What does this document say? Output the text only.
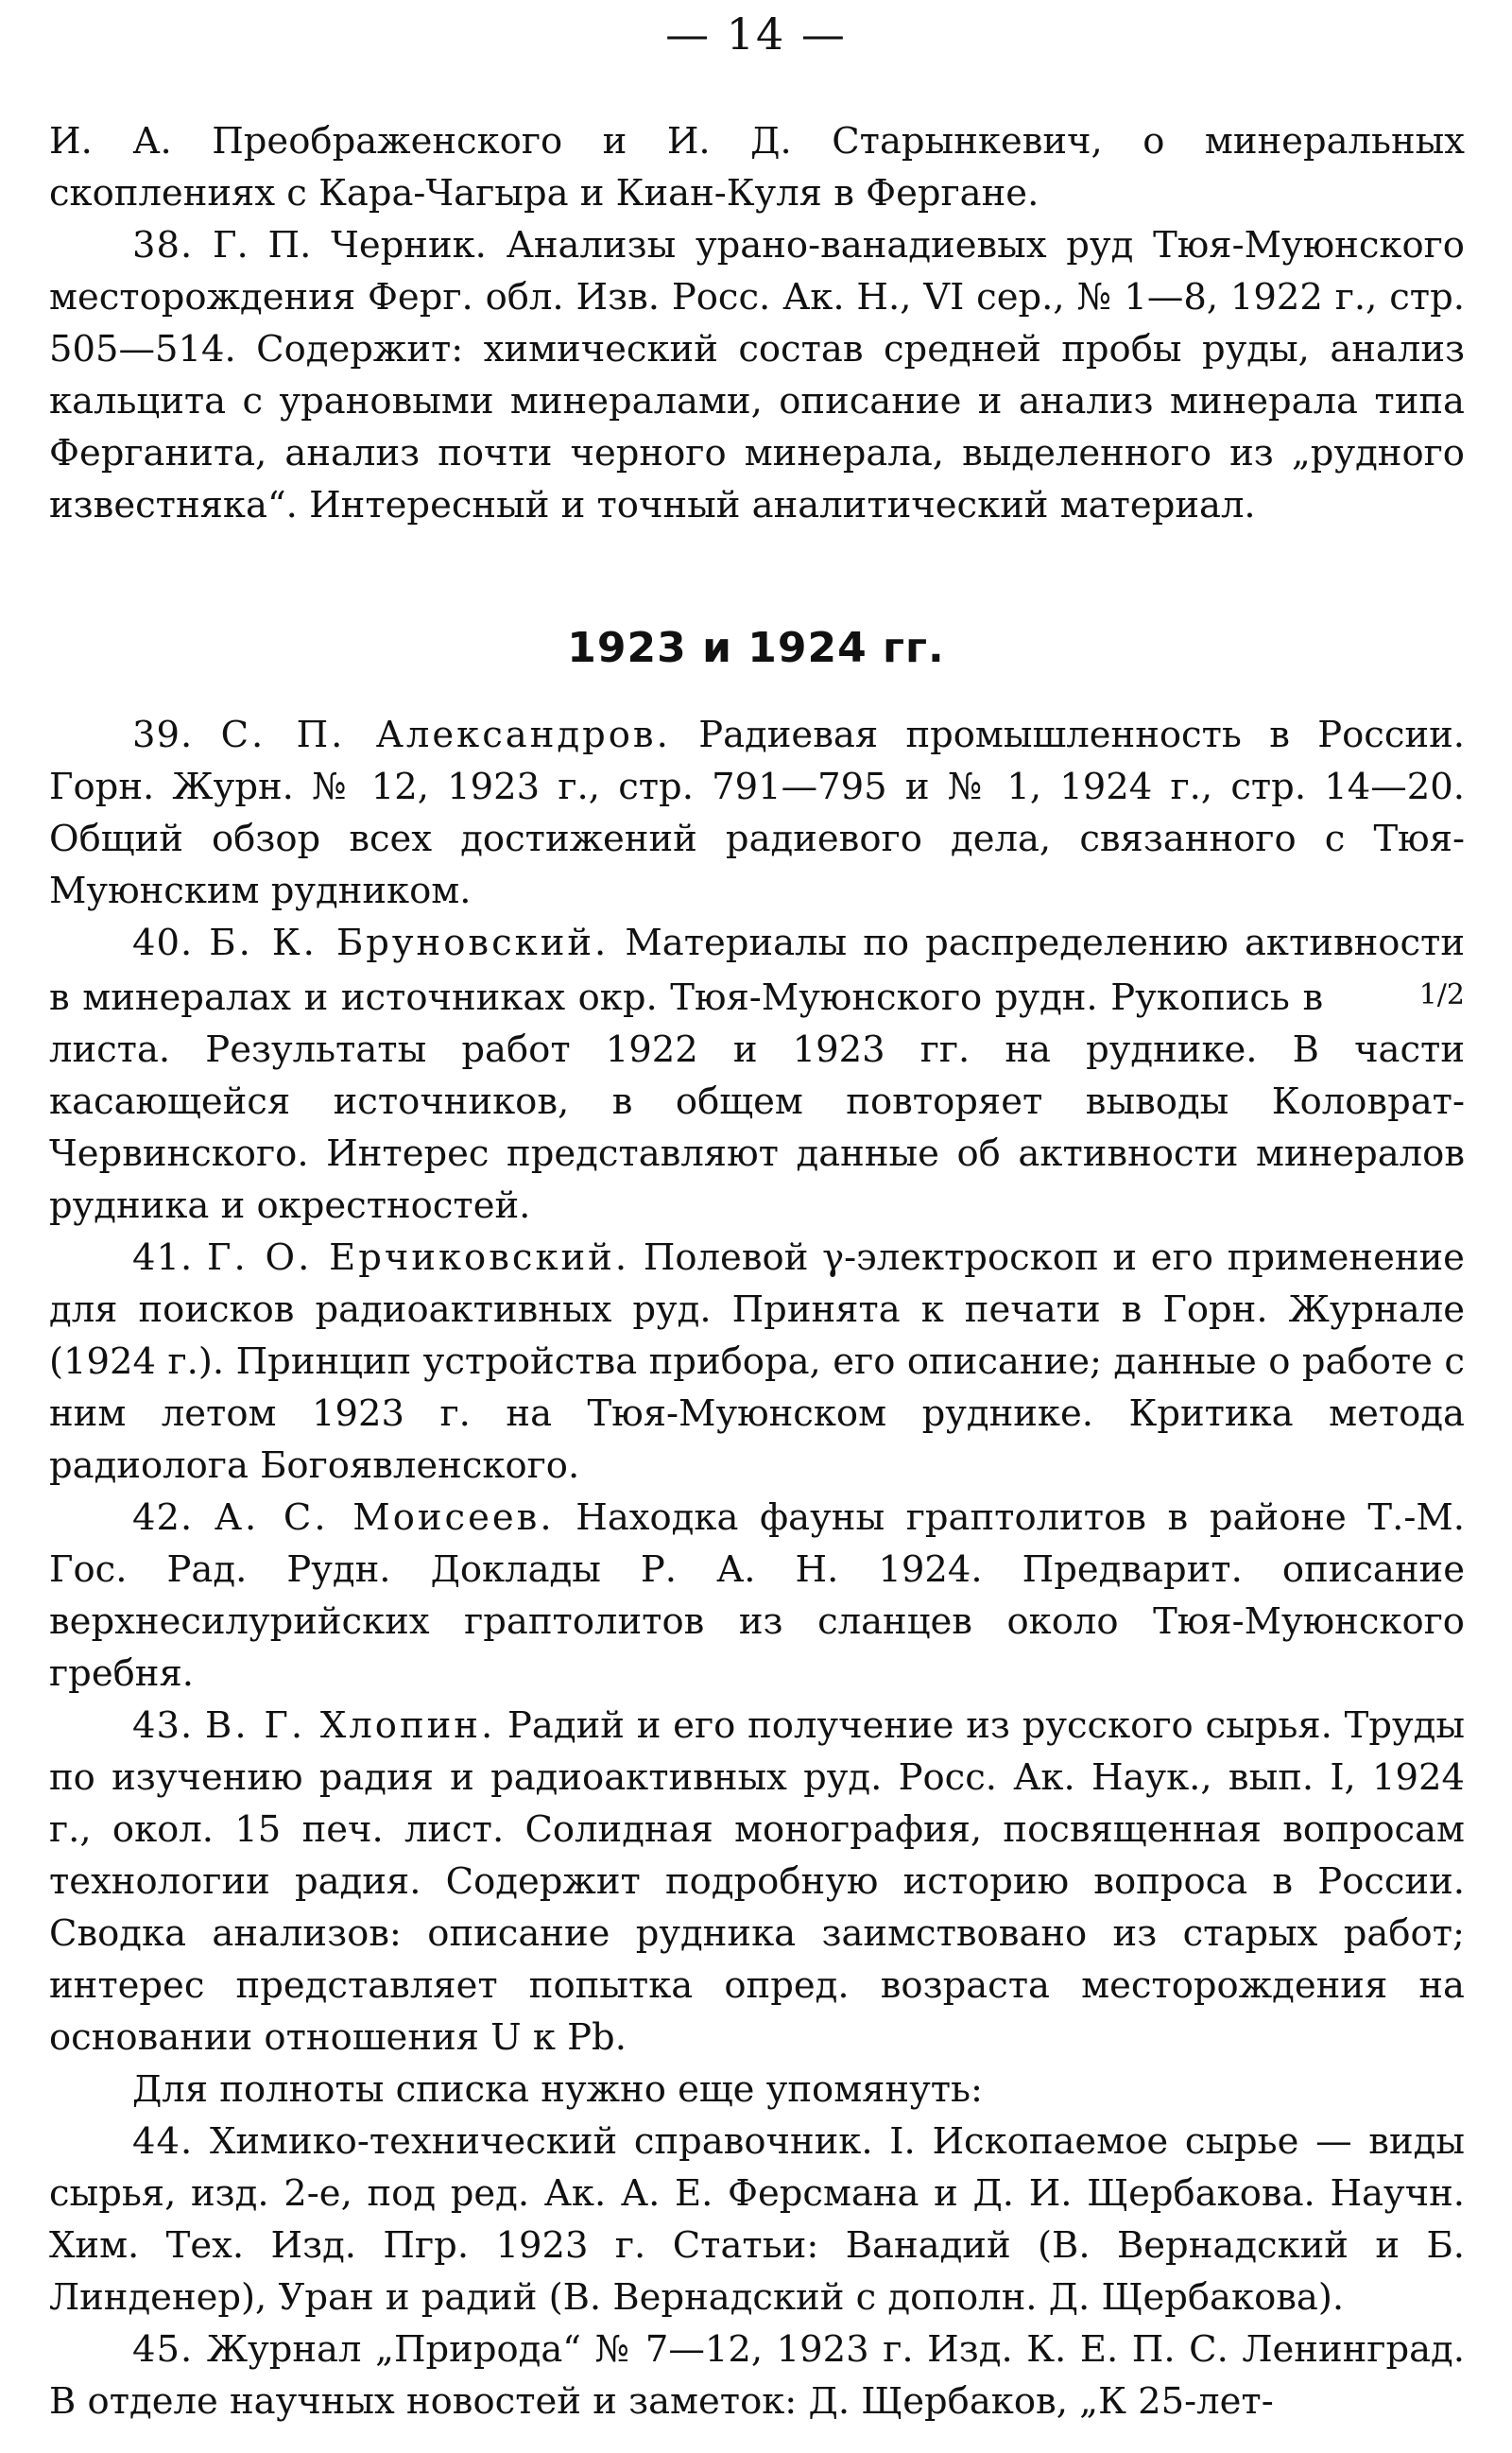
— 14 —

И. А. Преображенского и И. Д. Старынкевич, о минеральных скоплениях с Кара-Чагыра и Киан-Куля в Фергане.

38. Г. П. Черник. Анализы урано-ванадиевых руд Тюя-Муюнского месторождения Ферг. обл. Изв. Росс. Ак. Н., VI сер., № 1—8, 1922 г., стр. 505—514. Содержит: химический состав средней пробы руды, анализ кальцита с урановыми минералами, описание и анализ минерала типа Ферганита, анализ почти черного минерала, выделенного из „рудного известняка“. Интересный и точный аналитический материал.

1923 и 1924 гг.

39. С. П. Александров. Радиевая промышленность в России. Горн. Журн. № 12, 1923 г., стр. 791—795 и № 1, 1924 г., стр. 14—20. Общий обзор всех достижений радиевого дела, связанного с Тюя-Муюнским рудником.

40. Б. К. Бруновский. Материалы по распределению активности в минералах и источниках окр. Тюя-Муюнского рудн. Рукопись в	1/2 листа. Результаты работ 1922 и 1923 гг. на руднике. В части касающейся источников, в общем повторяет выводы Коловрат-Червинского. Интерес представляют данные об активности минералов рудника и окрестностей.

41. Г. О. Ерчиковский. Полевой γ-электроскоп и его применение для поисков радиоактивных руд. Принята к печати в Горн. Журнале (1924 г.). Принцип устройства прибора, его описание; данные о работе с ним летом 1923 г. на Тюя-Муюнском руднике. Критика метода радиолога Богоявленского.

42. А. С. Моисеев. Находка фауны граптолитов в районе Т.-М. Гос. Рад. Рудн. Доклады Р. А. Н. 1924. Предварит. описание верхнесилурийских граптолитов из сланцев около Тюя-Муюнского гребня.

43. В. Г. Хлопин. Радий и его получение из русского сырья. Труды по изучению радия и радиоактивных руд. Росс. Ак. Наук., вып. I, 1924 г., окол. 15 печ. лист. Солидная монография, посвященная вопросам технологии радия. Содержит подробную историю вопроса в России. Сводка анализов: описание рудника заимствовано из старых работ; интерес представляет попытка опред. возраста месторождения на основании отношения U к Pb.

Для полноты списка нужно еще упомянуть:

44. Химико-технический справочник. I. Ископаемое сырье — виды сырья, изд. 2-е, под ред. Ак. А. Е. Ферсмана и Д. И. Щербакова. Научн. Хим. Тех. Изд. Пгр. 1923 г. Статьи: Ванадий (В. Вернадский и Б. Линденер), Уран и радий (В. Вернадский с дополн. Д. Щербакова).

45. Журнал „Природа“ № 7—12, 1923 г. Изд. К. Е. П. С. Ленинград. В отделе научных новостей и заметок: Д. Щербаков, „К 25-лет-
